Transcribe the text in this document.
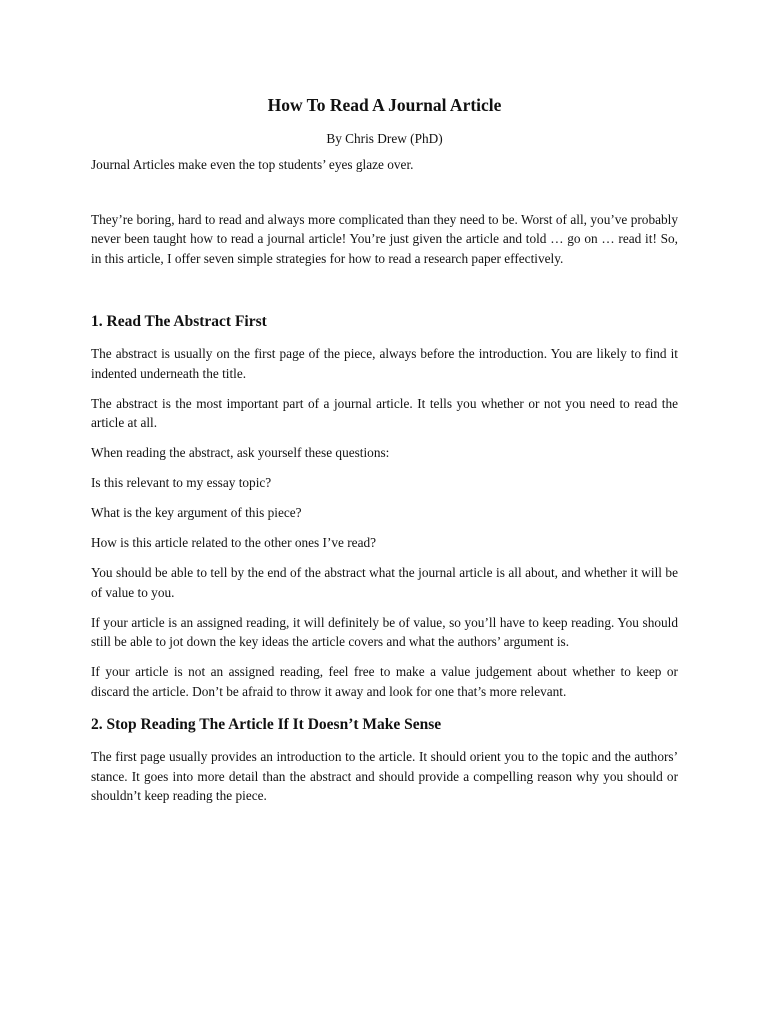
How To Read A Journal Article
By Chris Drew (PhD)

Journal Articles make even the top students’ eyes glaze over.

They’re boring, hard to read and always more complicated than they need to be. Worst of all, you’ve probably never been taught how to read a journal article! You’re just given the article and told … go on … read it! So, in this article, I offer seven simple strategies for how to read a research paper effectively.

1. Read The Abstract First

The abstract is usually on the first page of the piece, always before the introduction. You are likely to find it indented underneath the title.

The abstract is the most important part of a journal article. It tells you whether or not you need to read the article at all.

When reading the abstract, ask yourself these questions:

Is this relevant to my essay topic?

What is the key argument of this piece?

How is this article related to the other ones I’ve read?

You should be able to tell by the end of the abstract what the journal article is all about, and whether it will be of value to you.

If your article is an assigned reading, it will definitely be of value, so you’ll have to keep reading. You should still be able to jot down the key ideas the article covers and what the authors’ argument is.

If your article is not an assigned reading, feel free to make a value judgement about whether to keep or discard the article. Don’t be afraid to throw it away and look for one that’s more relevant.

2. Stop Reading The Article If It Doesn’t Make Sense

The first page usually provides an introduction to the article. It should orient you to the topic and the authors’ stance. It goes into more detail than the abstract and should provide a compelling reason why you should or shouldn’t keep reading the piece.
